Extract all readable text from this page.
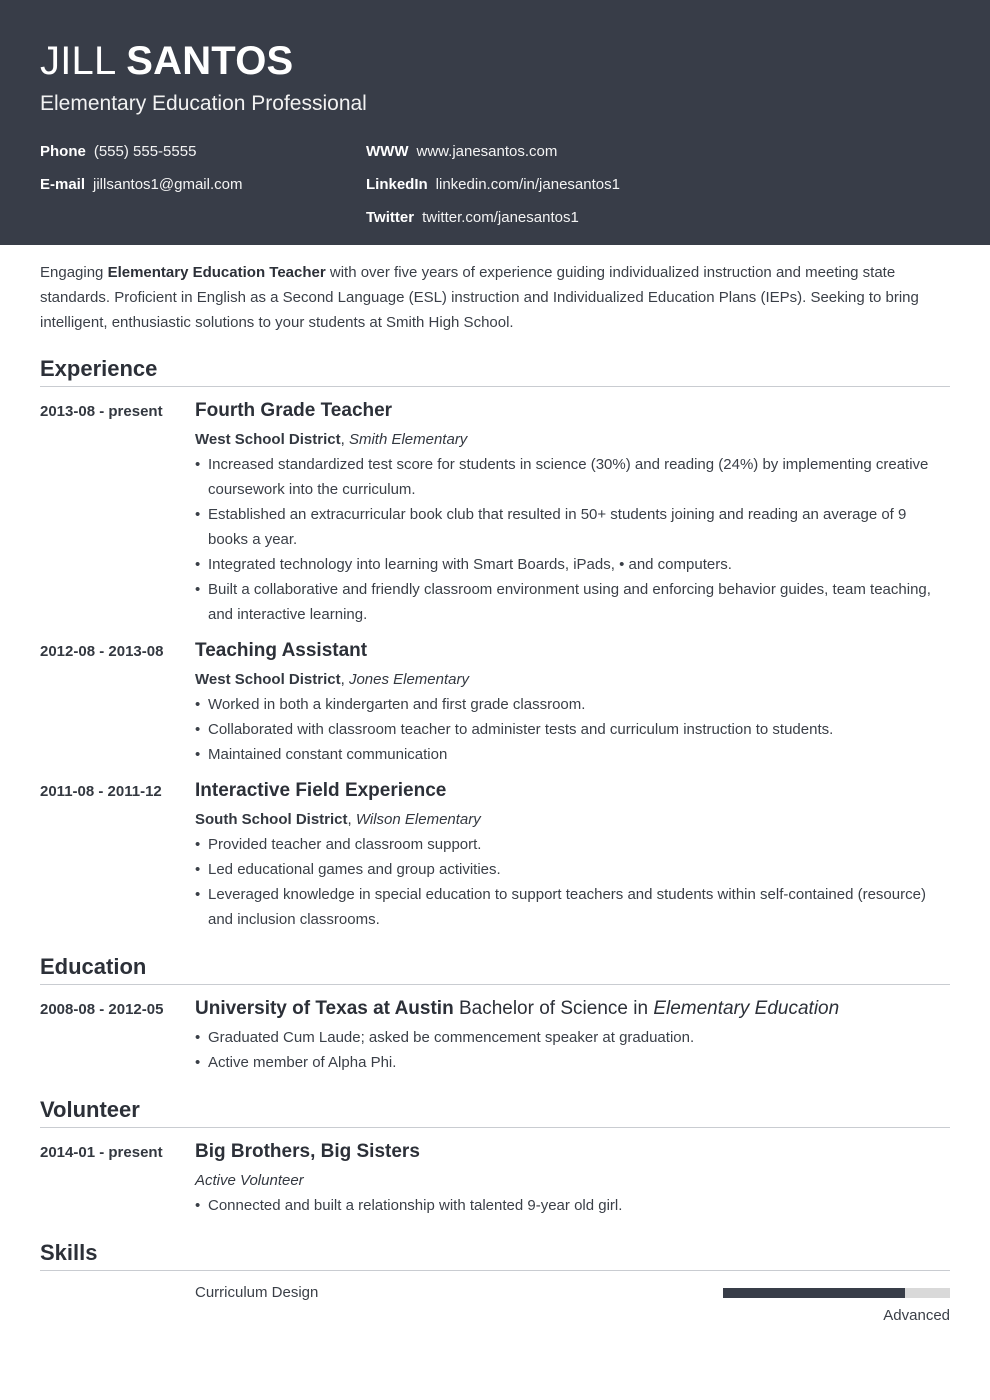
JILL SANTOS
Elementary Education Professional
Phone (555) 555-5555
E-mail jillsantos1@gmail.com
WWW www.janesantos.com
LinkedIn linkedin.com/in/janesantos1
Twitter twitter.com/janesantos1
Engaging Elementary Education Teacher with over five years of experience guiding individualized instruction and meeting state standards. Proficient in English as a Second Language (ESL) instruction and Individualized Education Plans (IEPs). Seeking to bring intelligent, enthusiastic solutions to your students at Smith High School.
Experience
2013-08 - present Fourth Grade Teacher
West School District, Smith Elementary
• Increased standardized test score for students in science (30%) and reading (24%) by implementing creative coursework into the curriculum.
• Established an extracurricular book club that resulted in 50+ students joining and reading an average of 9 books a year.
• Integrated technology into learning with Smart Boards, iPads, • and computers.
• Built a collaborative and friendly classroom environment using and enforcing behavior guides, team teaching, and interactive learning.
2012-08 - 2013-08 Teaching Assistant
West School District, Jones Elementary
• Worked in both a kindergarten and first grade classroom.
• Collaborated with classroom teacher to administer tests and curriculum instruction to students.
• Maintained constant communication
2011-08 - 2011-12 Interactive Field Experience
South School District, Wilson Elementary
• Provided teacher and classroom support.
• Led educational games and group activities.
• Leveraged knowledge in special education to support teachers and students within self-contained (resource) and inclusion classrooms.
Education
2008-08 - 2012-05 University of Texas at Austin Bachelor of Science in Elementary Education
• Graduated Cum Laude; asked be commencement speaker at graduation.
• Active member of Alpha Phi.
Volunteer
2014-01 - present Big Brothers, Big Sisters
Active Volunteer
• Connected and built a relationship with talented 9-year old girl.
Skills
Curriculum Design
Advanced
